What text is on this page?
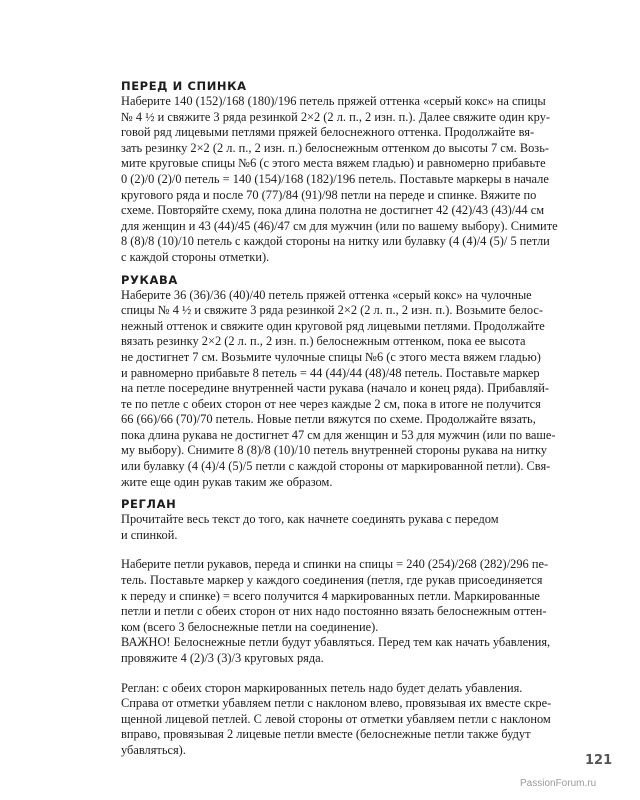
ПЕРЕД И СПИНКА
Наберите 140 (152)/168 (180)/196 петель пряжей оттенка «серый кокс» на спицы
№ 4 ½ и свяжите 3 ряда резинкой 2×2 (2 л. п., 2 изн. п.). Далее свяжите один кру-
говой ряд лицевыми петлями пряжей белоснежного оттенка. Продолжайте вя-
зать резинку 2×2 (2 л. п., 2 изн. п.) белоснежным оттенком до высоты 7 см. Возь-
мите круговые спицы №6 (с этого места вяжем гладью) и равномерно прибавьте
0 (2)/0 (2)/0 петель = 140 (154)/168 (182)/196 петель. Поставьте маркеры в начале
кругового ряда и после 70 (77)/84 (91)/98 петли на переде и спинке. Вяжите по
схеме. Повторяйте схему, пока длина полотна не достигнет 42 (42)/43 (43)/44 см
для женщин и 43 (44)/45 (46)/47 см для мужчин (или по вашему выбору). Снимите
8 (8)/8 (10)/10 петель с каждой стороны на нитку или булавку (4 (4)/4 (5)/ 5 петли
с каждой стороны отметки).
РУКАВА
Наберите 36 (36)/36 (40)/40 петель пряжей оттенка «серый кокс» на чулочные
спицы № 4 ½ и свяжите 3 ряда резинкой 2×2 (2 л. п., 2 изн. п.). Возьмите белос-
нежный оттенок и свяжите один круговой ряд лицевыми петлями. Продолжайте
вязать резинку 2×2 (2 л. п., 2 изн. п.) белоснежным оттенком, пока ее высота
не достигнет 7 см. Возьмите чулочные спицы №6 (с этого места вяжем гладью)
и равномерно прибавьте 8 петель = 44 (44)/44 (48)/48 петель. Поставьте маркер
на петле посередине внутренней части рукава (начало и конец ряда). Прибавляй-
те по петле с обеих сторон от нее через каждые 2 см, пока в итоге не получится
66 (66)/66 (70)/70 петель. Новые петли вяжутся по схеме. Продолжайте вязать,
пока длина рукава не достигнет 47 см для женщин и 53 для мужчин (или по ваше-
му выбору). Снимите 8 (8)/8 (10)/10 петель внутренней стороны рукава на нитку
или булавку (4 (4)/4 (5)/5 петли с каждой стороны от маркированной петли). Свя-
жите еще один рукав таким же образом.
РЕГЛАН
Прочитайте весь текст до того, как начнете соединять рукава с передом
и спинкой.
Наберите петли рукавов, переда и спинки на спицы = 240 (254)/268 (282)/296 пе-
тель. Поставьте маркер у каждого соединения (петля, где рукав присоединяется
к переду и спинке) = всего получится 4 маркированных петли. Маркированные
петли и петли с обеих сторон от них надо постоянно вязать белоснежным оттен-
ком (всего 3 белоснежные петли на соединение).
ВАЖНО! Белоснежные петли будут убавляться. Перед тем как начать убавления,
провяжите 4 (2)/3 (3)/3 круговых ряда.
Реглан: с обеих сторон маркированных петель надо будет делать убавления.
Справа от отметки убавляем петли с наклоном влево, провязывая их вместе скре-
щенной лицевой петлей. С левой стороны от отметки убавляем петли с наклоном
вправо, провязывая 2 лицевые петли вместе (белоснежные петли также будут
убавляться).
121
PassionForum.ru
